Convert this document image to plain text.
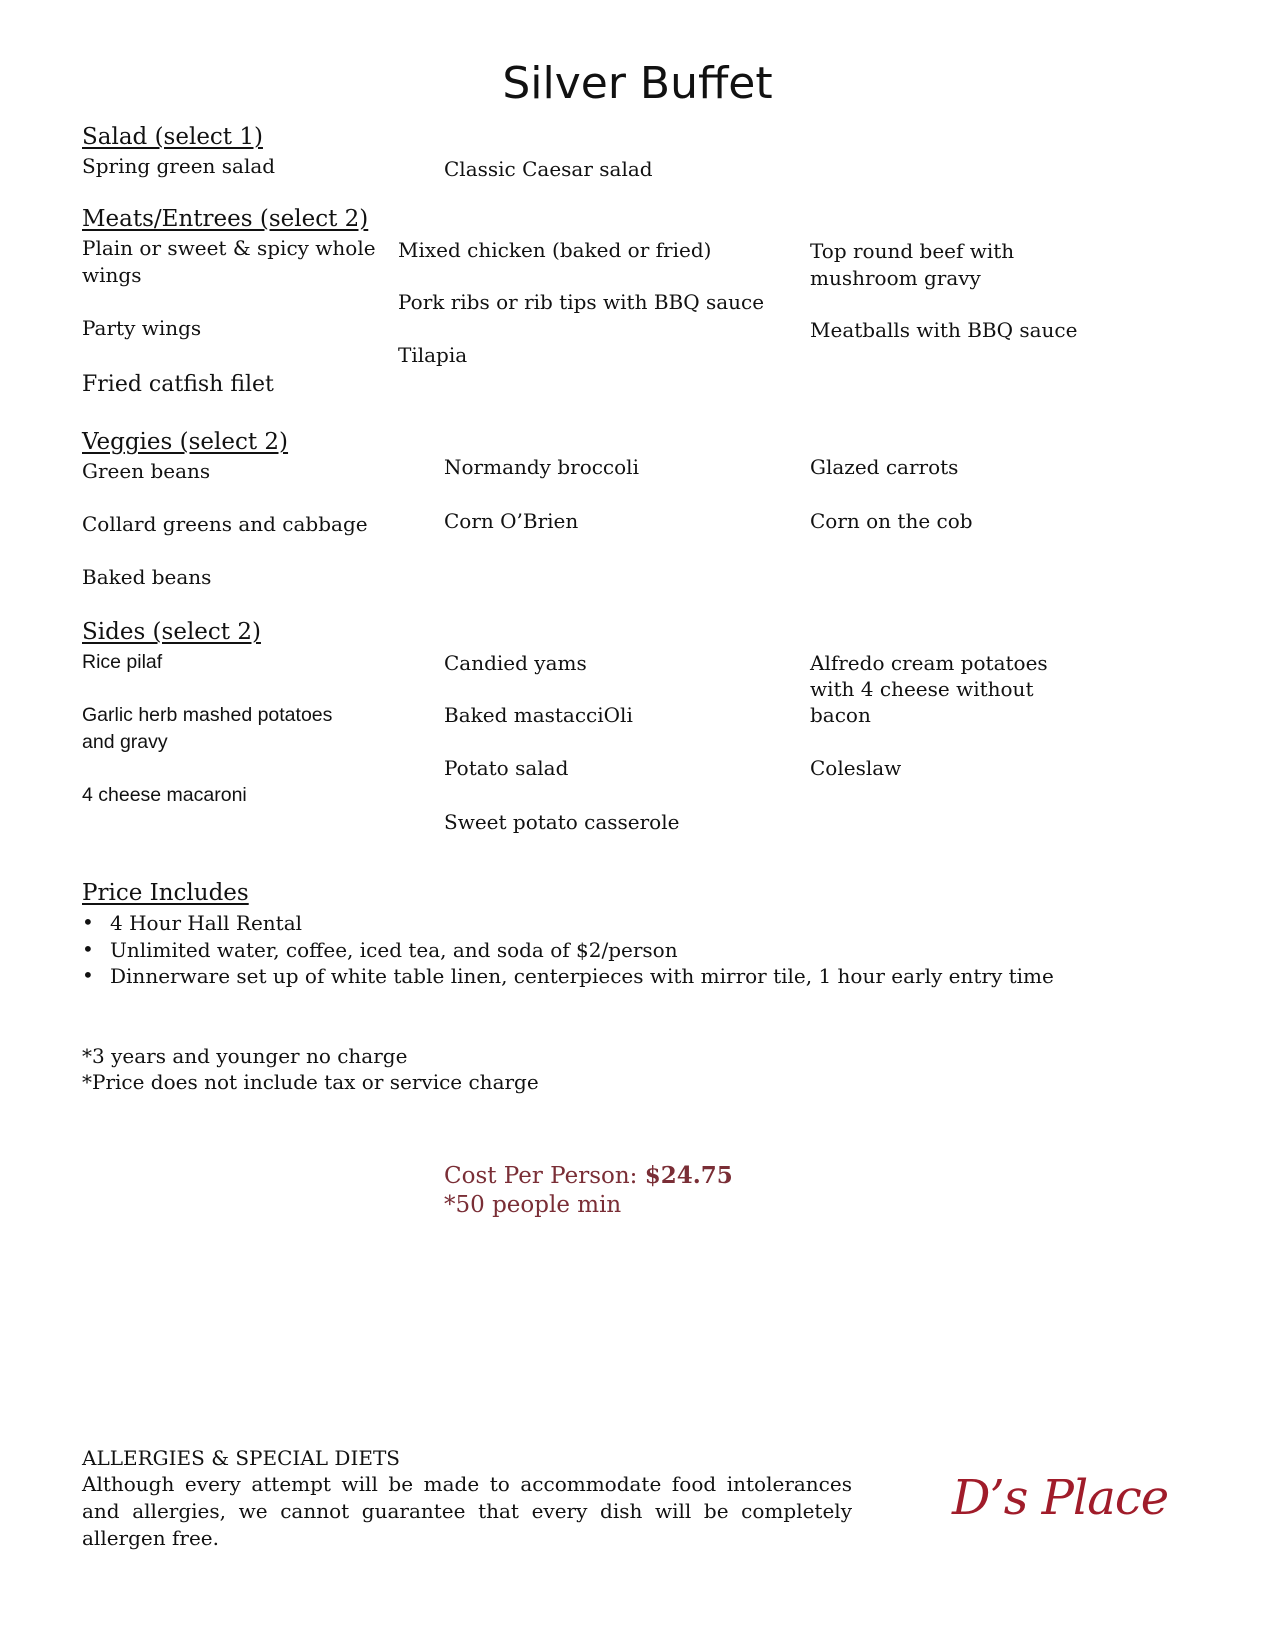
Silver Buffet
Salad (select 1)
Spring green salad	Classic Caesar salad
Meats/Entrees (select 2)
Plain or sweet & spicy whole
wings
Party wings
Fried catfish filet
Mixed chicken (baked or fried)
Pork ribs or rib tips with BBQ sauce
Tilapia
Top round beef with
mushroom gravy
Meatballs with BBQ sauce
Veggies (select 2)
Green beans
Collard greens and cabbage
Baked beans
Normandy broccoli
Corn O’Brien
Glazed carrots
Corn on the cob
Sides (select 2)
Rice pilaf
Garlic herb mashed potatoes
and gravy
4 cheese macaroni
Candied yams
Baked mastacciOli
Potato salad
Sweet potato casserole
Alfredo cream potatoes
with 4 cheese without
bacon
Coleslaw
Price Includes
• 4 Hour Hall Rental
• Unlimited water, coffee, iced tea, and soda of $2/person
• Dinnerware set up of white table linen, centerpieces with mirror tile, 1 hour early entry time
*3 years and younger no charge
*Price does not include tax or service charge
Cost Per Person: $24.75
*50 people min
ALLERGIES & SPECIAL DIETS
Although every attempt will be made to accommodate food intolerances and allergies, we cannot guarantee that every dish will be completely allergen free.
D’s Place
